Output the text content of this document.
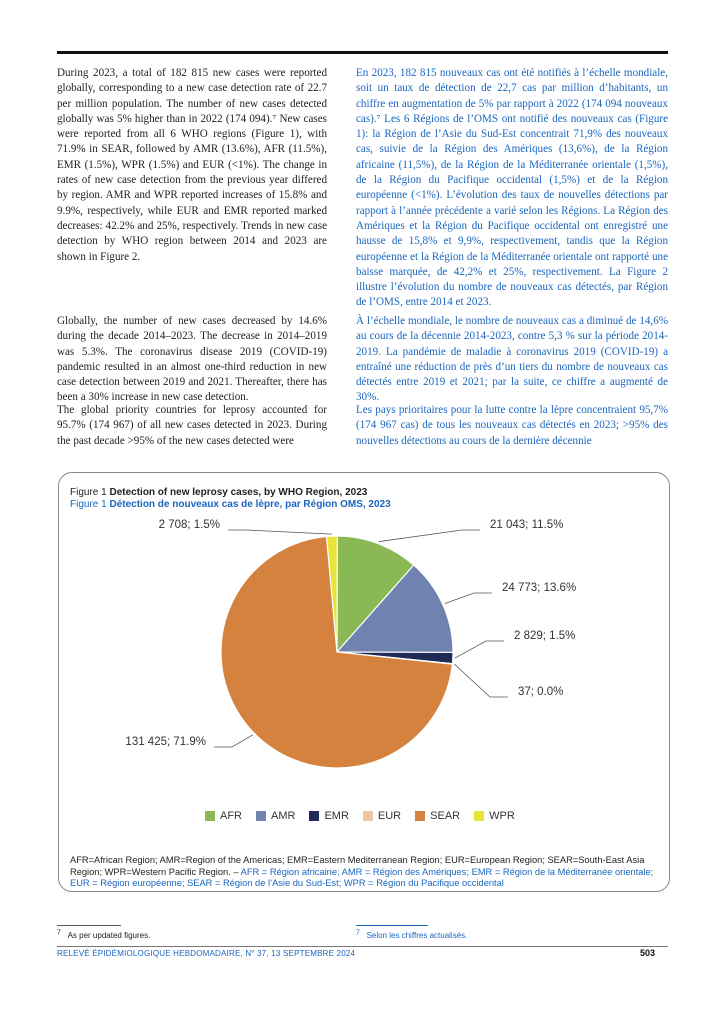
During 2023, a total of 182 815 new cases were reported globally, corresponding to a new case detection rate of 22.7 per million population. The number of new cases detected globally was 5% higher than in 2022 (174 094).⁷ New cases were reported from all 6 WHO regions (Figure 1), with 71.9% in SEAR, followed by AMR (13.6%), AFR (11.5%), EMR (1.5%), WPR (1.5%) and EUR (<1%). The change in rates of new case detection from the previous year differed by region. AMR and WPR reported increases of 15.8% and 9.9%, respectively, while EUR and EMR reported marked decreases: 42.2% and 25%, respectively. Trends in new case detection by WHO region between 2014 and 2023 are shown in Figure 2.

Globally, the number of new cases decreased by 14.6% during the decade 2014–2023. The decrease in 2014–2019 was 5.3%. The coronavirus disease 2019 (COVID-19) pandemic resulted in an almost one-third reduction in new case detection between 2019 and 2021. Thereafter, there has been a 30% increase in new case detection.

The global priority countries for leprosy accounted for 95.7% (174 967) of all new cases detected in 2023. During the past decade >95% of the new cases detected were

En 2023, 182 815 nouveaux cas ont été notifiés à l’échelle mondiale, soit un taux de détection de 22,7 cas par million d’habitants, un chiffre en augmentation de 5% par rapport à 2022 (174 094 nouveaux cas).⁷ Les 6 Régions de l’OMS ont notifié des nouveaux cas (Figure 1): la Région de l’Asie du Sud-Est concentrait 71,9% des nouveaux cas, suivie de la Région des Amériques (13,6%), de la Région africaine (11,5%), de la Région de la Méditerranée orientale (1,5%), de la Région du Pacifique occidental (1,5%) et de la Région européenne (<1%). L’évolution des taux de nouvelles détections par rapport à l’année précédente a varié selon les Régions. La Région des Amériques et la Région du Pacifique occidental ont enregistré une hausse de 15,8% et 9,9%, respectivement, tandis que la Région européenne et la Région de la Méditerranée orientale ont rapporté une baisse marquée, de 42,2% et 25%, respectivement. La Figure 2 illustre l’évolution du nombre de nouveaux cas détectés, par Région de l’OMS, entre 2014 et 2023.

À l’échelle mondiale, le nombre de nouveaux cas a diminué de 14,6% au cours de la décennie 2014-2023, contre 5,3 % sur la période 2014-2019. La pandémie de maladie à coronavirus 2019 (COVID-19) a entraîné une réduction de près d’un tiers du nombre de nouveaux cas détectés entre 2019 et 2021; par la suite, ce chiffre a augmenté de 30%.

Les pays prioritaires pour la lutte contre la lèpre concentraient 95,7% (174 967 cas) de tous les nouveaux cas détectés en 2023; >95% des nouvelles détections au cours de la dernière décennie

Figure 1 Detection of new leprosy cases, by WHO Region, 2023
Figure 1 Détection de nouveaux cas de lèpre, par Région OMS, 2023
21 043; 11.5%
24 773; 13.6%
2 829; 1.5%
37; 0.0%
131 425; 71.9%
2 708; 1.5%
AFR	AMR	EMR	EUR	SEAR	WPR
AFR=African Region; AMR=Region of the Americas; EMR=Eastern Mediterranean Region; EUR=European Region; SEAR=South-East Asia Region; WPR=Western Pacific Region. – AFR = Région africaine; AMR = Région des Amériques; EMR = Région de la Méditerranée orientale; EUR = Région européenne; SEAR = Région de l’Asie du Sud-Est; WPR = Région du Pacifique occidental
$^7$ As per updated figures.	$^7$ Selon les chiffres actualisés.
RELEVÉ ÉPIDÉMIOLOGIQUE HEBDOMADAIRE, N° 37, 13 SEPTEMBRE 2024	503
